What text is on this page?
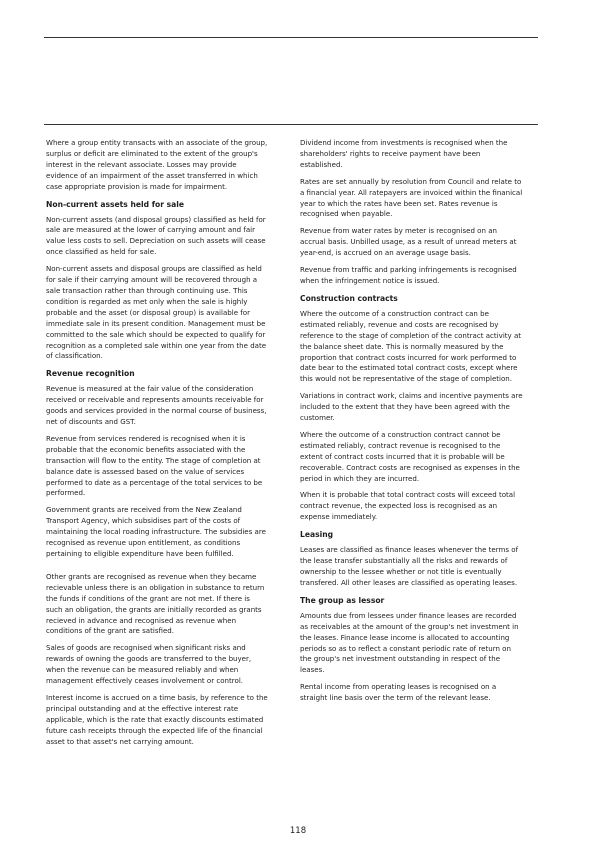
Where a group entity transacts with an associate of the group,
surplus or deficit are eliminated to the extent of the group's
interest in the relevant associate. Losses may provide
evidence of an impairment of the asset transferred in which
case appropriate provision is made for impairment.

Non-current assets held for sale

Non-current assets (and disposal groups) classified as held for
sale are measured at the lower of carrying amount and fair
value less costs to sell. Depreciation on such assets will cease
once classified as held for sale.

Non-current assets and disposal groups are classified as held
for sale if their carrying amount will be recovered through a
sale transaction rather than through continuing use. This
condition is regarded as met only when the sale is highly
probable and the asset (or disposal group) is available for
immediate sale in its present condition. Management must be
committed to the sale which should be expected to qualify for
recognition as a completed sale within one year from the date
of classification.

Revenue recognition

Revenue is measured at the fair value of the consideration
received or receivable and represents amounts receivable for
goods and services provided in the normal course of business,
net of discounts and GST.

Revenue from services rendered is recognised when it is
probable that the economic benefits associated with the
transaction will flow to the entity. The stage of completion at
balance date is assessed based on the value of services
performed to date as a percentage of the total services to be
performed.

Government grants are received from the New Zealand
Transport Agency, which subsidises part of the costs of
maintaining the local roading infrastructure. The subsidies are
recognised as revenue upon entitlement, as conditions
pertaining to eligible expenditure have been fulfilled.

Other grants are recognised as revenue when they became
recievable unless there is an obligation in substance to return
the funds if conditions of the grant are not met. If there is
such an obligation, the grants are initially recorded as grants
recieved in advance and recognised as revenue when
conditions of the grant are satisfied.

Sales of goods are recognised when significant risks and
rewards of owning the goods are transferred to the buyer,
when the revenue can be measured reliably and when
management effectively ceases involvement or control.

Interest income is accrued on a time basis, by reference to the
principal outstanding and at the effective interest rate
applicable, which is the rate that exactly discounts estimated
future cash receipts through the expected life of the financial
asset to that asset's net carrying amount.

Dividend income from investments is recognised when the
shareholders' rights to receive payment have been
established.

Rates are set annually by resolution from Council and relate to
a financial year. All ratepayers are invoiced within the finanical
year to which the rates have been set. Rates revenue is
recognised when payable.

Revenue from water rates by meter is recognised on an
accrual basis. Unbilled usage, as a result of unread meters at
year-end, is accrued on an average usage basis.

Revenue from traffic and parking infringements is recognised
when the infringement notice is issued.

Construction contracts

Where the outcome of a construction contract can be
estimated reliably, revenue and costs are recognised by
reference to the stage of completion of the contract activity at
the balance sheet date. This is normally measured by the
proportion that contract costs incurred for work performed to
date bear to the estimated total contract costs, except where
this would not be representative of the stage of completion.

Variations in contract work, claims and incentive payments are
included to the extent that they have been agreed with the
customer.

Where the outcome of a construction contract cannot be
estimated reliably, contract revenue is recognised to the
extent of contract costs incurred that it is probable will be
recoverable. Contract costs are recognised as expenses in the
period in which they are incurred.

When it is probable that total contract costs will exceed total
contract revenue, the expected loss is recognised as an
expense immediately.

Leasing

Leases are classified as finance leases whenever the terms of
the lease transfer substantially all the risks and rewards of
ownership to the lessee whether or not title is eventually
transfered. All other leases are classified as operating leases.

The group as lessor

Amounts due from lessees under finance leases are recorded
as receivables at the amount of the group's net investment in
the leases. Finance lease income is allocated to accounting
periods so as to reflect a constant periodic rate of return on
the group's net investment outstanding in respect of the
leases.

Rental income from operating leases is recognised on a
straight line basis over the term of the relevant lease.

118
